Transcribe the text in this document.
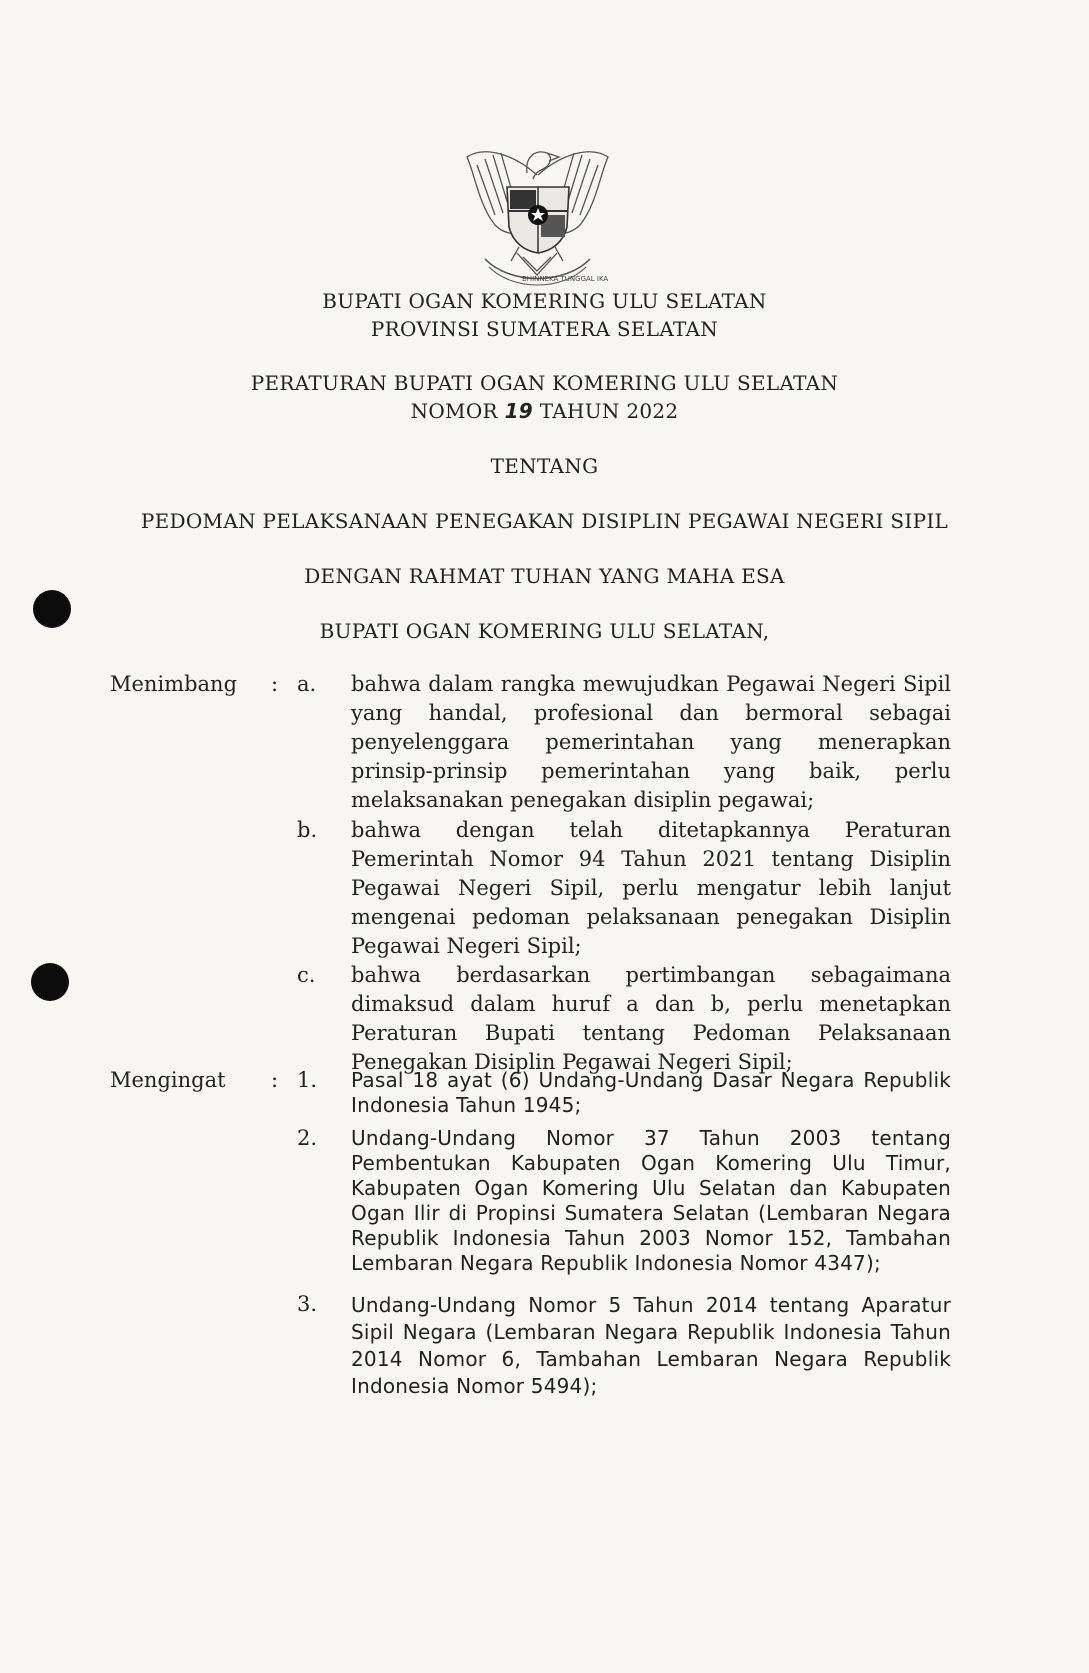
BHINNEKA TUNGGAL IKA
BUPATI OGAN KOMERING ULU SELATAN
PROVINSI SUMATERA SELATAN
PERATURAN BUPATI OGAN KOMERING ULU SELATAN
NOMOR 19 TAHUN 2022
TENTANG
PEDOMAN PELAKSANAAN PENEGAKAN DISIPLIN PEGAWAI NEGERI SIPIL
DENGAN RAHMAT TUHAN YANG MAHA ESA
BUPATI OGAN KOMERING ULU SELATAN,
Menimbang : a. bahwa dalam rangka mewujudkan Pegawai Negeri Sipil yang handal, profesional dan bermoral sebagai penyelenggara pemerintahan yang menerapkan prinsip-prinsip pemerintahan yang baik, perlu melaksanakan penegakan disiplin pegawai;
b. bahwa dengan telah ditetapkannya Peraturan Pemerintah Nomor 94 Tahun 2021 tentang Disiplin Pegawai Negeri Sipil, perlu mengatur lebih lanjut mengenai pedoman pelaksanaan penegakan Disiplin Pegawai Negeri Sipil;
c. bahwa berdasarkan pertimbangan sebagaimana dimaksud dalam huruf a dan b, perlu menetapkan Peraturan Bupati tentang Pedoman Pelaksanaan Penegakan Disiplin Pegawai Negeri Sipil;
Mengingat : 1. Pasal 18 ayat (6) Undang-Undang Dasar Negara Republik Indonesia Tahun 1945;
2. Undang-Undang Nomor 37 Tahun 2003 tentang Pembentukan Kabupaten Ogan Komering Ulu Timur, Kabupaten Ogan Komering Ulu Selatan dan Kabupaten Ogan Ilir di Propinsi Sumatera Selatan (Lembaran Negara Republik Indonesia Tahun 2003 Nomor 152, Tambahan Lembaran Negara Republik Indonesia Nomor 4347);
3. Undang-Undang Nomor 5 Tahun 2014 tentang Aparatur Sipil Negara (Lembaran Negara Republik Indonesia Tahun 2014 Nomor 6, Tambahan Lembaran Negara Republik Indonesia Nomor 5494);
